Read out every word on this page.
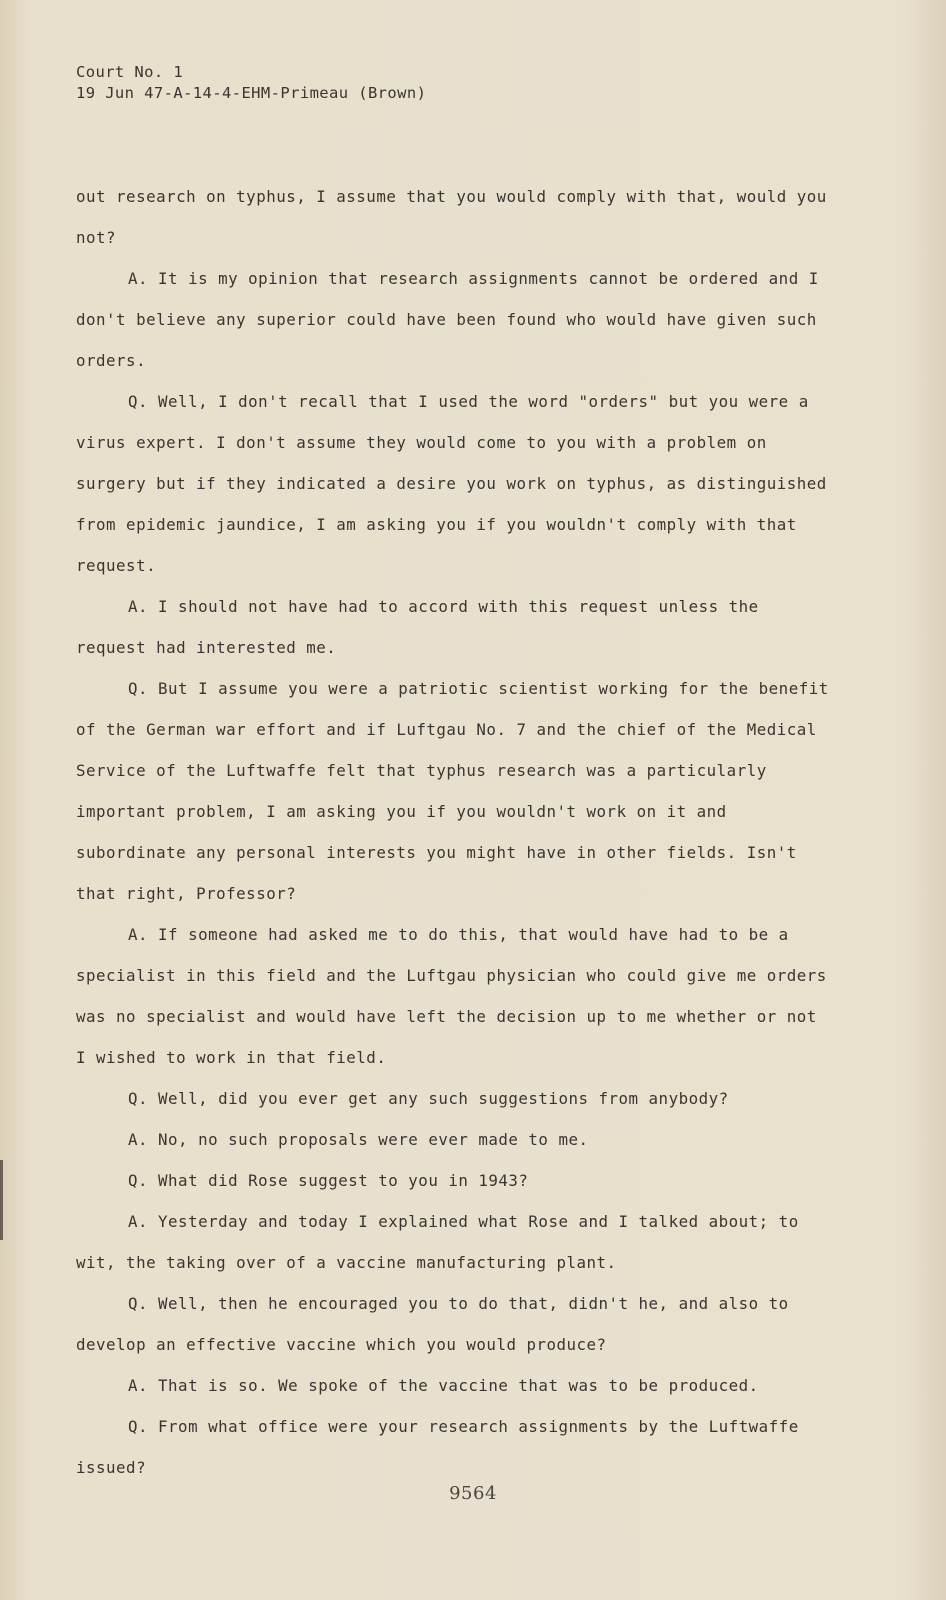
Court No. 1
19 Jun 47-A-14-4-EHM-Primeau (Brown)

out research on typhus, I assume that you would comply with that, would you not?

A. It is my opinion that research assignments cannot be ordered and I don't believe any superior could have been found who would have given such orders.

Q. Well, I don't recall that I used the word "orders" but you were a virus expert. I don't assume they would come to you with a problem on surgery but if they indicated a desire you work on typhus, as distinguished from epidemic jaundice, I am asking you if you wouldn't comply with that request.

A. I should not have had to accord with this request unless the request had interested me.

Q. But I assume you were a patriotic scientist working for the benefit of the German war effort and if Luftgau No. 7 and the chief of the Medical Service of the Luftwaffe felt that typhus research was a particularly important problem, I am asking you if you wouldn't work on it and subordinate any personal interests you might have in other fields. Isn't that right, Professor?

A. If someone had asked me to do this, that would have had to be a specialist in this field and the Luftgau physician who could give me orders was no specialist and would have left the decision up to me whether or not I wished to work in that field.

Q. Well, did you ever get any such suggestions from anybody?

A. No, no such proposals were ever made to me.

Q. What did Rose suggest to you in 1943?

A. Yesterday and today I explained what Rose and I talked about; to wit, the taking over of a vaccine manufacturing plant.

Q. Well, then he encouraged you to do that, didn't he, and also to develop an effective vaccine which you would produce?

A. That is so. We spoke of the vaccine that was to be produced.

Q. From what office were your research assignments by the Luftwaffe issued?

9564
